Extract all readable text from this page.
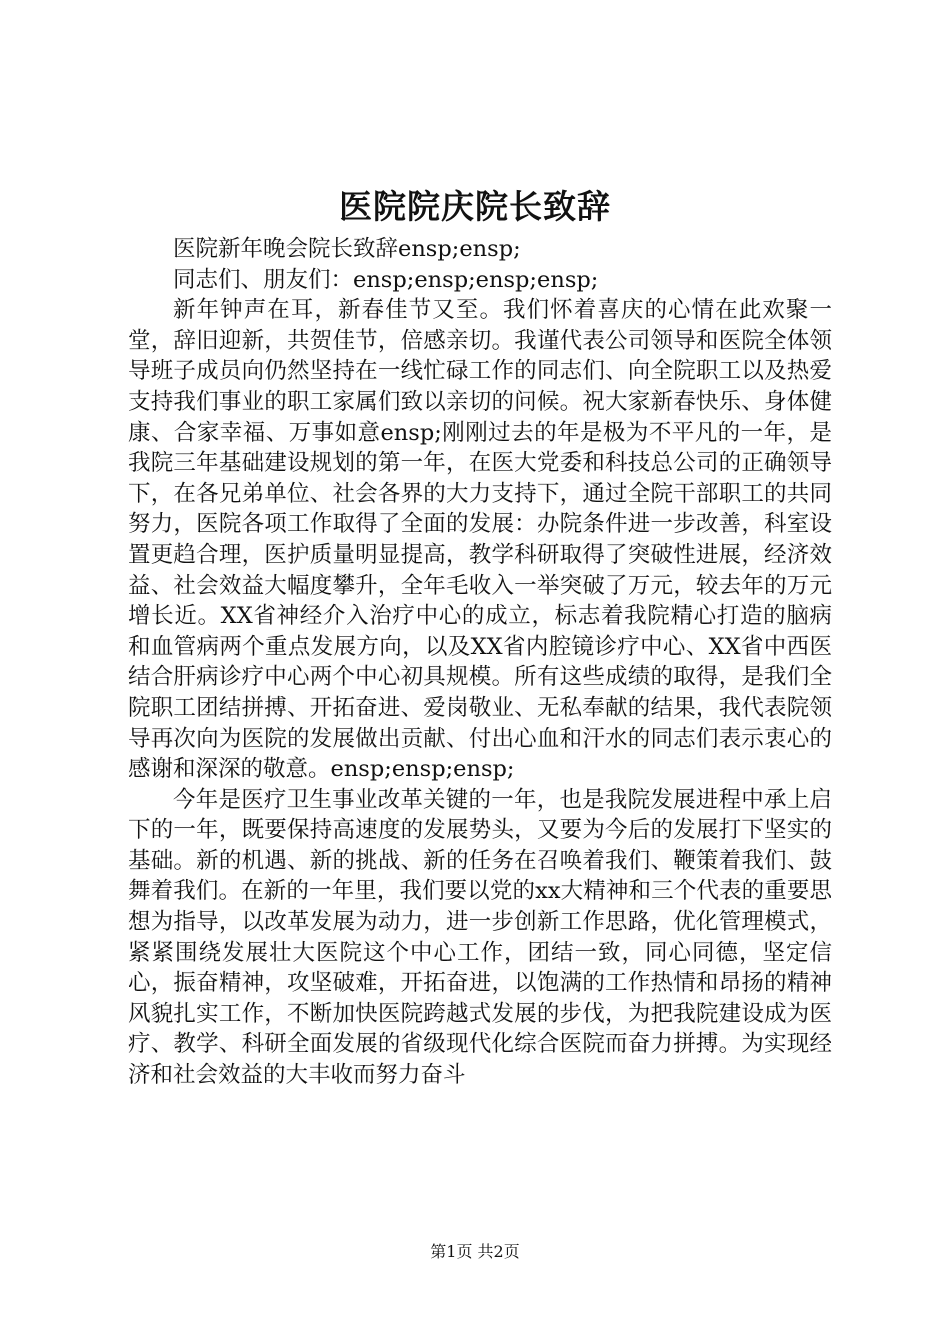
医院院庆院长致辞

医院新年晚会院长致辞ensp;ensp;

同志们、朋友们：ensp;ensp;ensp;ensp;

新年钟声在耳，新春佳节又至。我们怀着喜庆的心情在此欢聚一堂，辞旧迎新，共贺佳节，倍感亲切。我谨代表公司领导和医院全体领导班子成员向仍然坚持在一线忙碌工作的同志们、向全院职工以及热爱支持我们事业的职工家属们致以亲切的问候。祝大家新春快乐、身体健康、合家幸福、万事如意ensp;刚刚过去的年是极为不平凡的一年，是我院三年基础建设规划的第一年，在医大党委和科技总公司的正确领导下，在各兄弟单位、社会各界的大力支持下，通过全院干部职工的共同努力，医院各项工作取得了全面的发展：办院条件进一步改善，科室设置更趋合理，医护质量明显提高，教学科研取得了突破性进展，经济效益、社会效益大幅度攀升，全年毛收入一举突破了万元，较去年的万元增长近。XX省神经介入治疗中心的成立，标志着我院精心打造的脑病和血管病两个重点发展方向，以及XX省内腔镜诊疗中心、XX省中西医结合肝病诊疗中心两个中心初具规模。所有这些成绩的取得，是我们全院职工团结拼搏、开拓奋进、爱岗敬业、无私奉献的结果，我代表院领导再次向为医院的发展做出贡献、付出心血和汗水的同志们表示衷心的感谢和深深的敬意。ensp;ensp;ensp;

今年是医疗卫生事业改革关键的一年，也是我院发展进程中承上启下的一年，既要保持高速度的发展势头，又要为今后的发展打下坚实的基础。新的机遇、新的挑战、新的任务在召唤着我们、鞭策着我们、鼓舞着我们。在新的一年里，我们要以党的xx大精神和三个代表的重要思想为指导，以改革发展为动力，进一步创新工作思路，优化管理模式，紧紧围绕发展壮大医院这个中心工作，团结一致，同心同德，坚定信心，振奋精神，攻坚破难，开拓奋进，以饱满的工作热情和昂扬的精神风貌扎实工作，不断加快医院跨越式发展的步伐，为把我院建设成为医疗、教学、科研全面发展的省级现代化综合医院而奋力拼搏。为实现经济和社会效益的大丰收而努力奋斗

第1页 共2页
